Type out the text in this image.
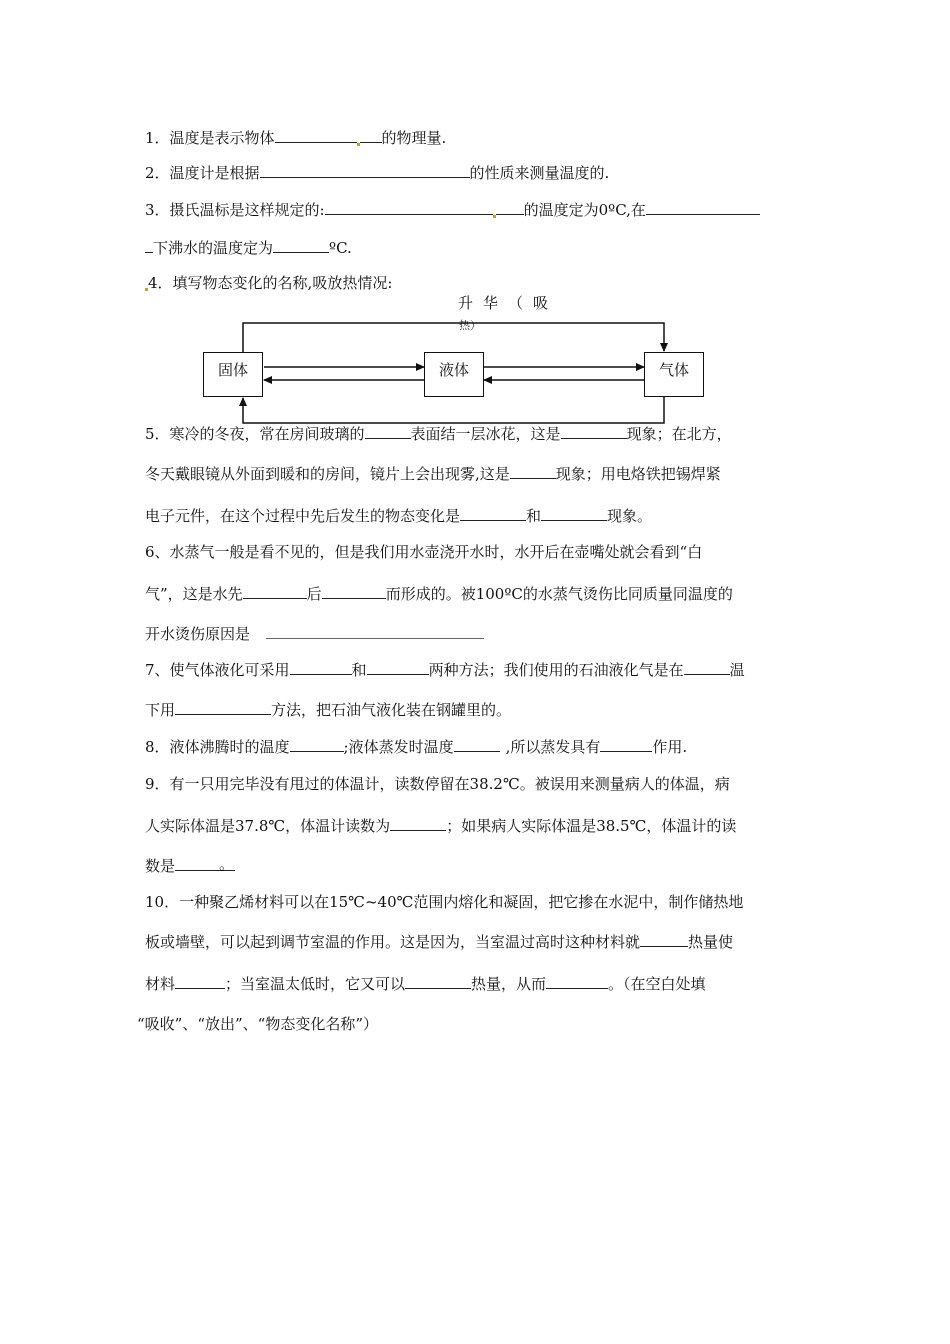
1．温度是表示物体	的物理量.
2．温度计是根据	的性质来测量温度的.
3．摄氏温标是这样规定的:	的温度定为0ºC,在
下沸水的温度定为	ºC.
4．填写物态变化的名称,吸放热情况:
升华（吸
热）
固体	液体	气体
5．寒冷的冬夜，常在房间玻璃的	表面结一层冰花，这是	现象；在北方，
冬天戴眼镜从外面到暖和的房间，镜片上会出现雾,这是	现象；用电烙铁把锡焊紧
电子元件，在这个过程中先后发生的物态变化是	和	现象。
6、水蒸气一般是看不见的，但是我们用水壶浇开水时，水开后在壶嘴处就会看到“白
气”，这是水先	后	而形成的。被100ºC的水蒸气烫伤比同质量同温度的
开水烫伤原因是
7、使气体液化可采用	和	两种方法；我们使用的石油液化气是在	温
下用	方法，把石油气液化装在钢罐里的。
8．液体沸腾时的温度	;液体蒸发时温度	,所以蒸发具有	作用.
9．有一只用完毕没有甩过的体温计，读数停留在38.2℃。被误用来测量病人的体温，病
人实际体温是37.8℃，体温计读数为	；如果病人实际体温是38.5℃，体温计的读
数是	。
10．一种聚乙烯材料可以在15℃~40℃范围内熔化和凝固，把它掺在水泥中，制作储热地
板或墙壁，可以起到调节室温的作用。这是因为，当室温过高时这种材料就	热量使
材料	；当室温太低时，它又可以	热量，从而	。（在空白处填
“吸收”、“放出”、“物态变化名称”）
